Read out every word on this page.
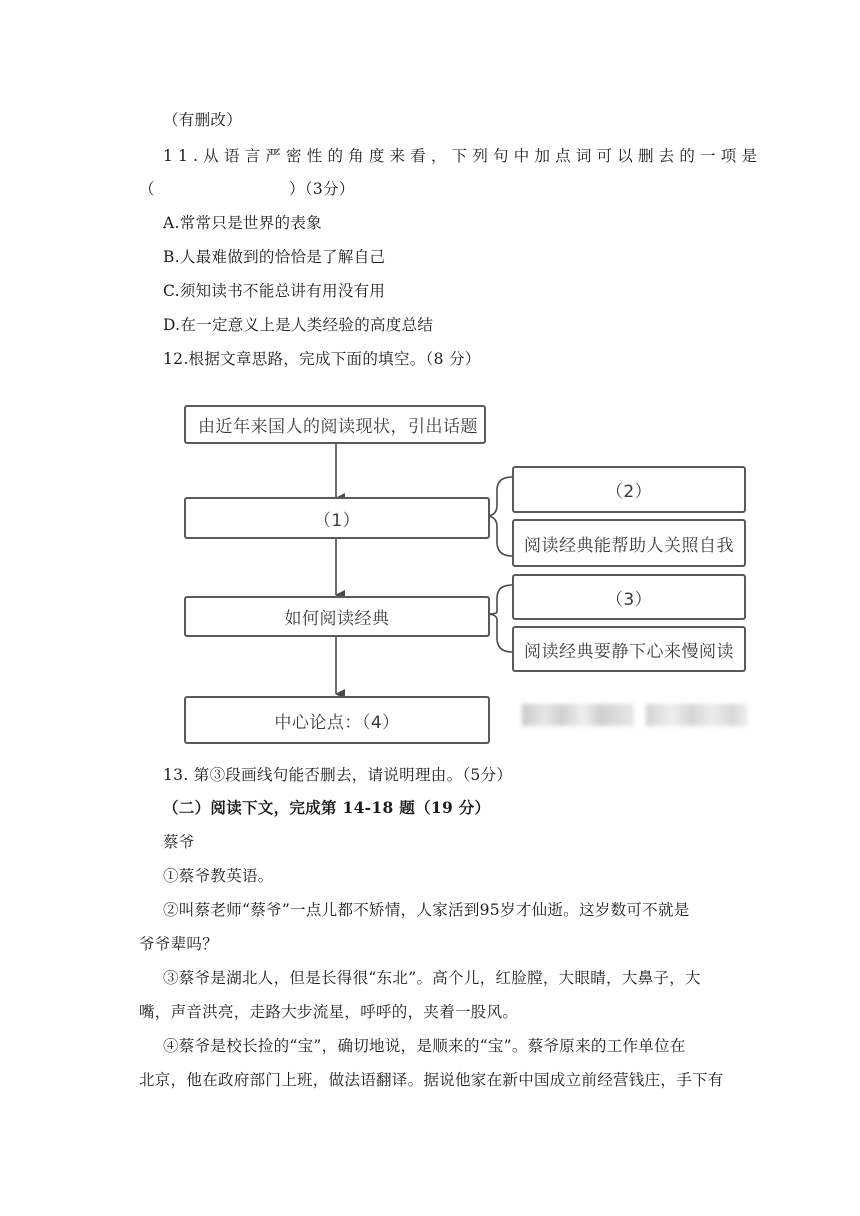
（有删改）
11.从语言严密性的角度来看，下列句中加点词可以删去的一项是
（	）（3分）
A.常常只是世界的表象
B.人最难做到的恰恰是了解自己
C.须知读书不能总讲有用没有用
D.在一定意义上是人类经验的高度总结
12.根据文章思路，完成下面的填空。（8 分）
由近年来国人的阅读现状，引出话题
（1）
（2）
阅读经典能帮助人关照自我
如何阅读经典
（3）
阅读经典要静下心来慢阅读
中心论点：（4）
13. 第③段画线句能否删去，请说明理由。（5分）
（二）阅读下文，完成第 14-18 题（19 分）
蔡爷
①蔡爷教英语。
②叫蔡老师“蔡爷”一点儿都不矫情，人家活到95岁才仙逝。这岁数可不就是
爷爷辈吗？
③蔡爷是湖北人，但是长得很“东北”。高个儿，红脸膛，大眼睛，大鼻子，大
嘴，声音洪亮，走路大步流星，呼呼的，夹着一股风。
④蔡爷是校长捡的“宝”，确切地说，是顺来的“宝”。蔡爷原来的工作单位在
北京，他在政府部门上班，做法语翻译。据说他家在新中国成立前经营钱庄，手下有
